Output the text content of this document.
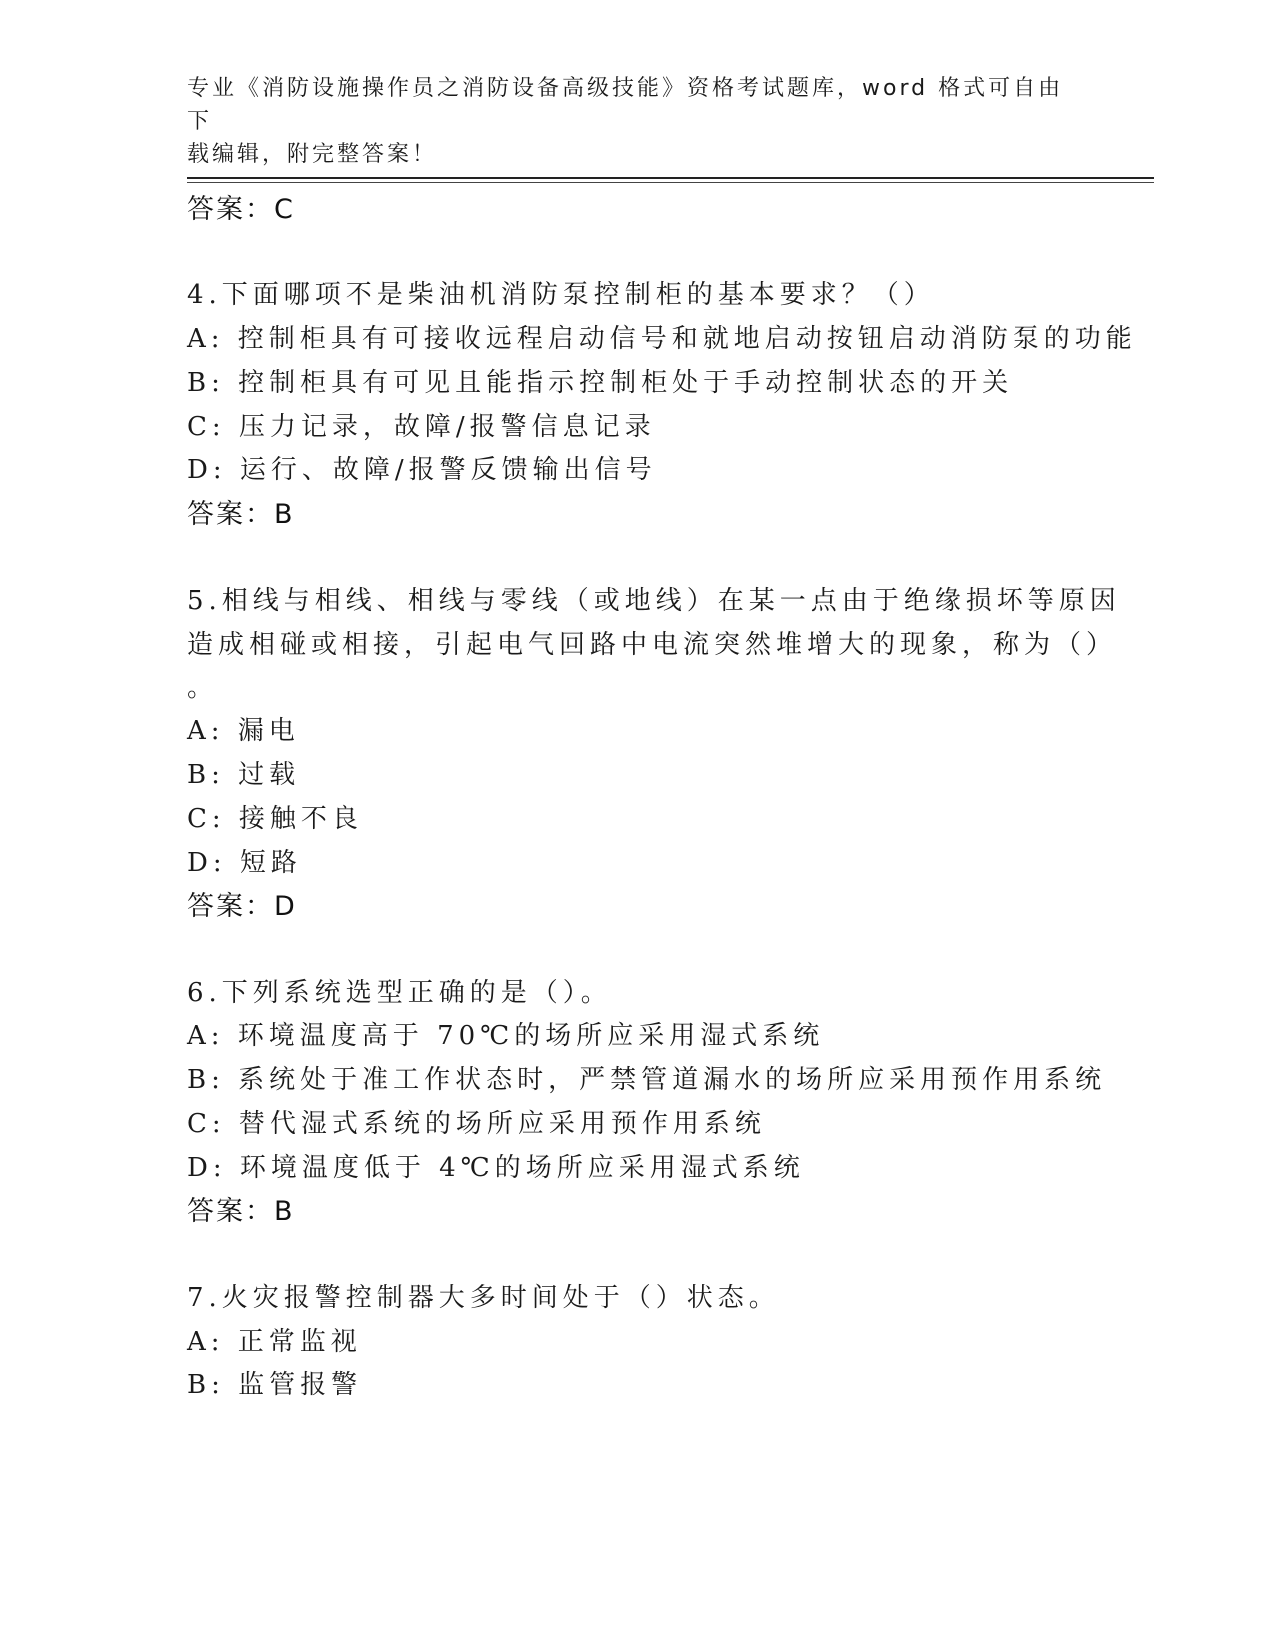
专业《消防设施操作员之消防设备高级技能》资格考试题库，word 格式可自由下
载编辑，附完整答案！
答案：C
4.下面哪项不是柴油机消防泵控制柜的基本要求？（）
A: 控制柜具有可接收远程启动信号和就地启动按钮启动消防泵的功能
B: 控制柜具有可见且能指示控制柜处于手动控制状态的开关
C: 压力记录，故障/报警信息记录
D: 运行、故障/报警反馈输出信号
答案：B
5.相线与相线、相线与零线（或地线）在某一点由于绝缘损坏等原因
造成相碰或相接，引起电气回路中电流突然堆增大的现象，称为（）
。
A: 漏电
B: 过载
C: 接触不良
D: 短路
答案：D
6.下列系统选型正确的是（）。
A: 环境温度高于 70℃的场所应采用湿式系统
B: 系统处于准工作状态时，严禁管道漏水的场所应采用预作用系统
C: 替代湿式系统的场所应采用预作用系统
D: 环境温度低于 4℃的场所应采用湿式系统
答案：B
7.火灾报警控制器大多时间处于（）状态。
A: 正常监视
B: 监管报警
